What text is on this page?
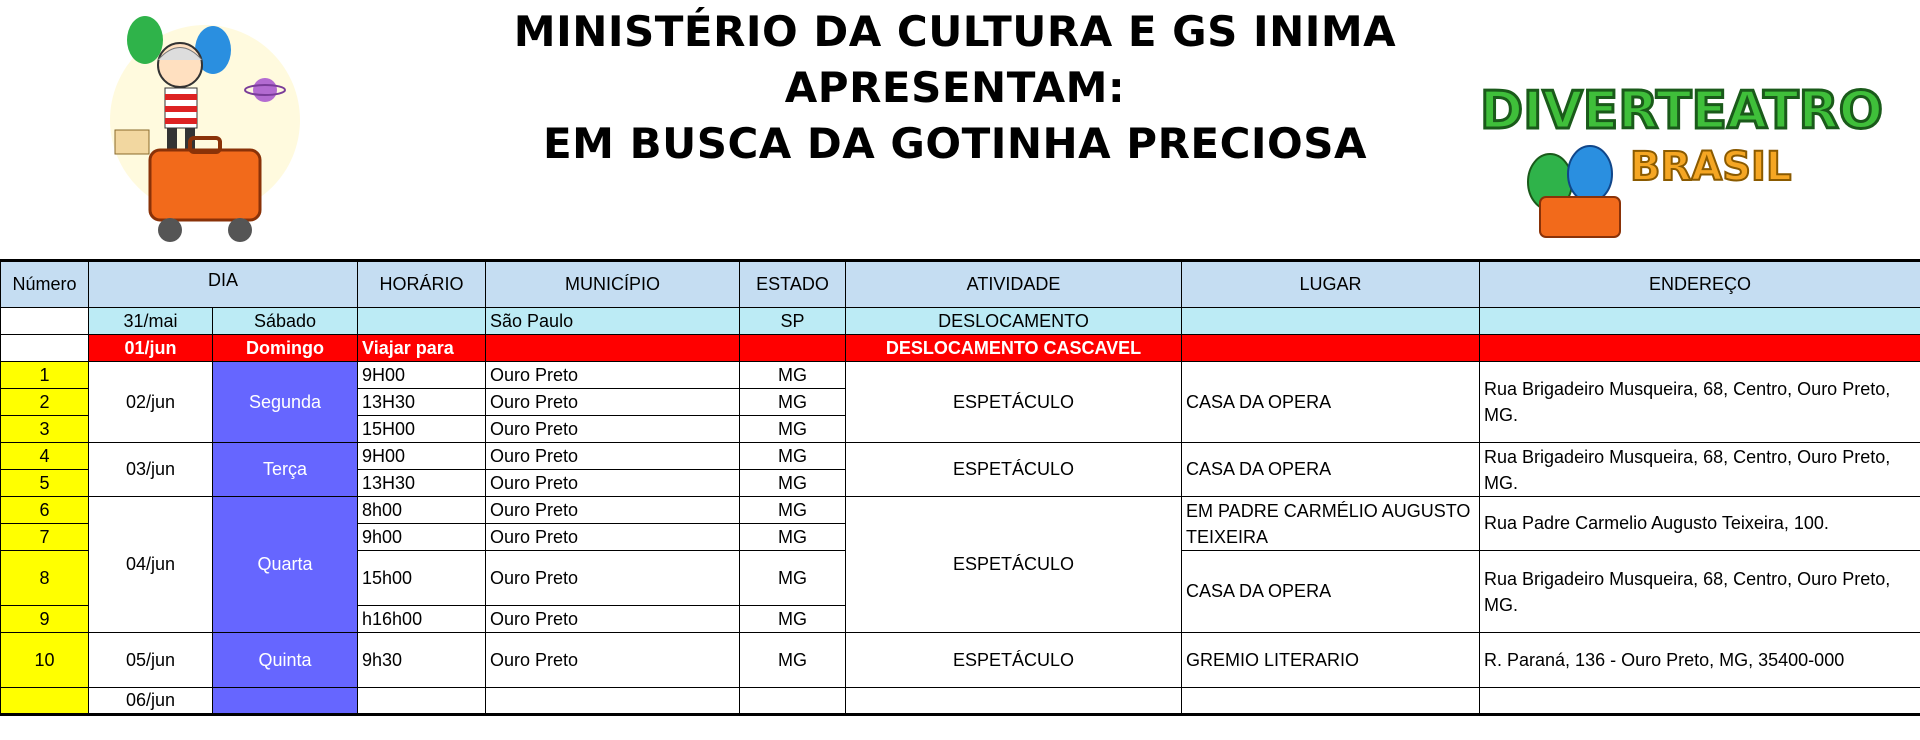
MINISTÉRIO DA CULTURA E GS INIMA
APRESENTAM:
EM BUSCA DA GOTINHA PRECIOSA
DIVERTEATRO
BRASIL
Número	DIA		HORÁRIO	MUNICÍPIO	ESTADO	ATIVIDADE	LUGAR	ENDEREÇO
	31/mai	Sábado		São Paulo	SP	DESLOCAMENTO		
	01/jun	Domingo	Viajar para			DESLOCAMENTO CASCAVEL		
1	02/jun	Segunda	9H00	Ouro Preto	MG	ESPETÁCULO	CASA DA OPERA	Rua Brigadeiro Musqueira, 68, Centro, Ouro Preto, MG.
2			13H30	Ouro Preto	MG			
3			15H00	Ouro Preto	MG			
4	03/jun	Terça	9H00	Ouro Preto	MG	ESPETÁCULO	CASA DA OPERA	Rua Brigadeiro Musqueira, 68, Centro, Ouro Preto, MG.
5			13H30	Ouro Preto	MG			
6	04/jun	Quarta	8h00	Ouro Preto	MG	ESPETÁCULO	EM PADRE CARMÉLIO AUGUSTO TEIXEIRA	Rua Padre Carmelio Augusto Teixeira, 100.
7			9h00	Ouro Preto	MG			
8			15h00	Ouro Preto	MG		CASA DA OPERA	Rua Brigadeiro Musqueira, 68, Centro, Ouro Preto, MG.
9			h16h00	Ouro Preto	MG			
10	05/jun	Quinta	9h30	Ouro Preto	MG	ESPETÁCULO	GREMIO LITERARIO	R. Paraná, 136 - Ouro Preto, MG, 35400-000
	06/jun							
